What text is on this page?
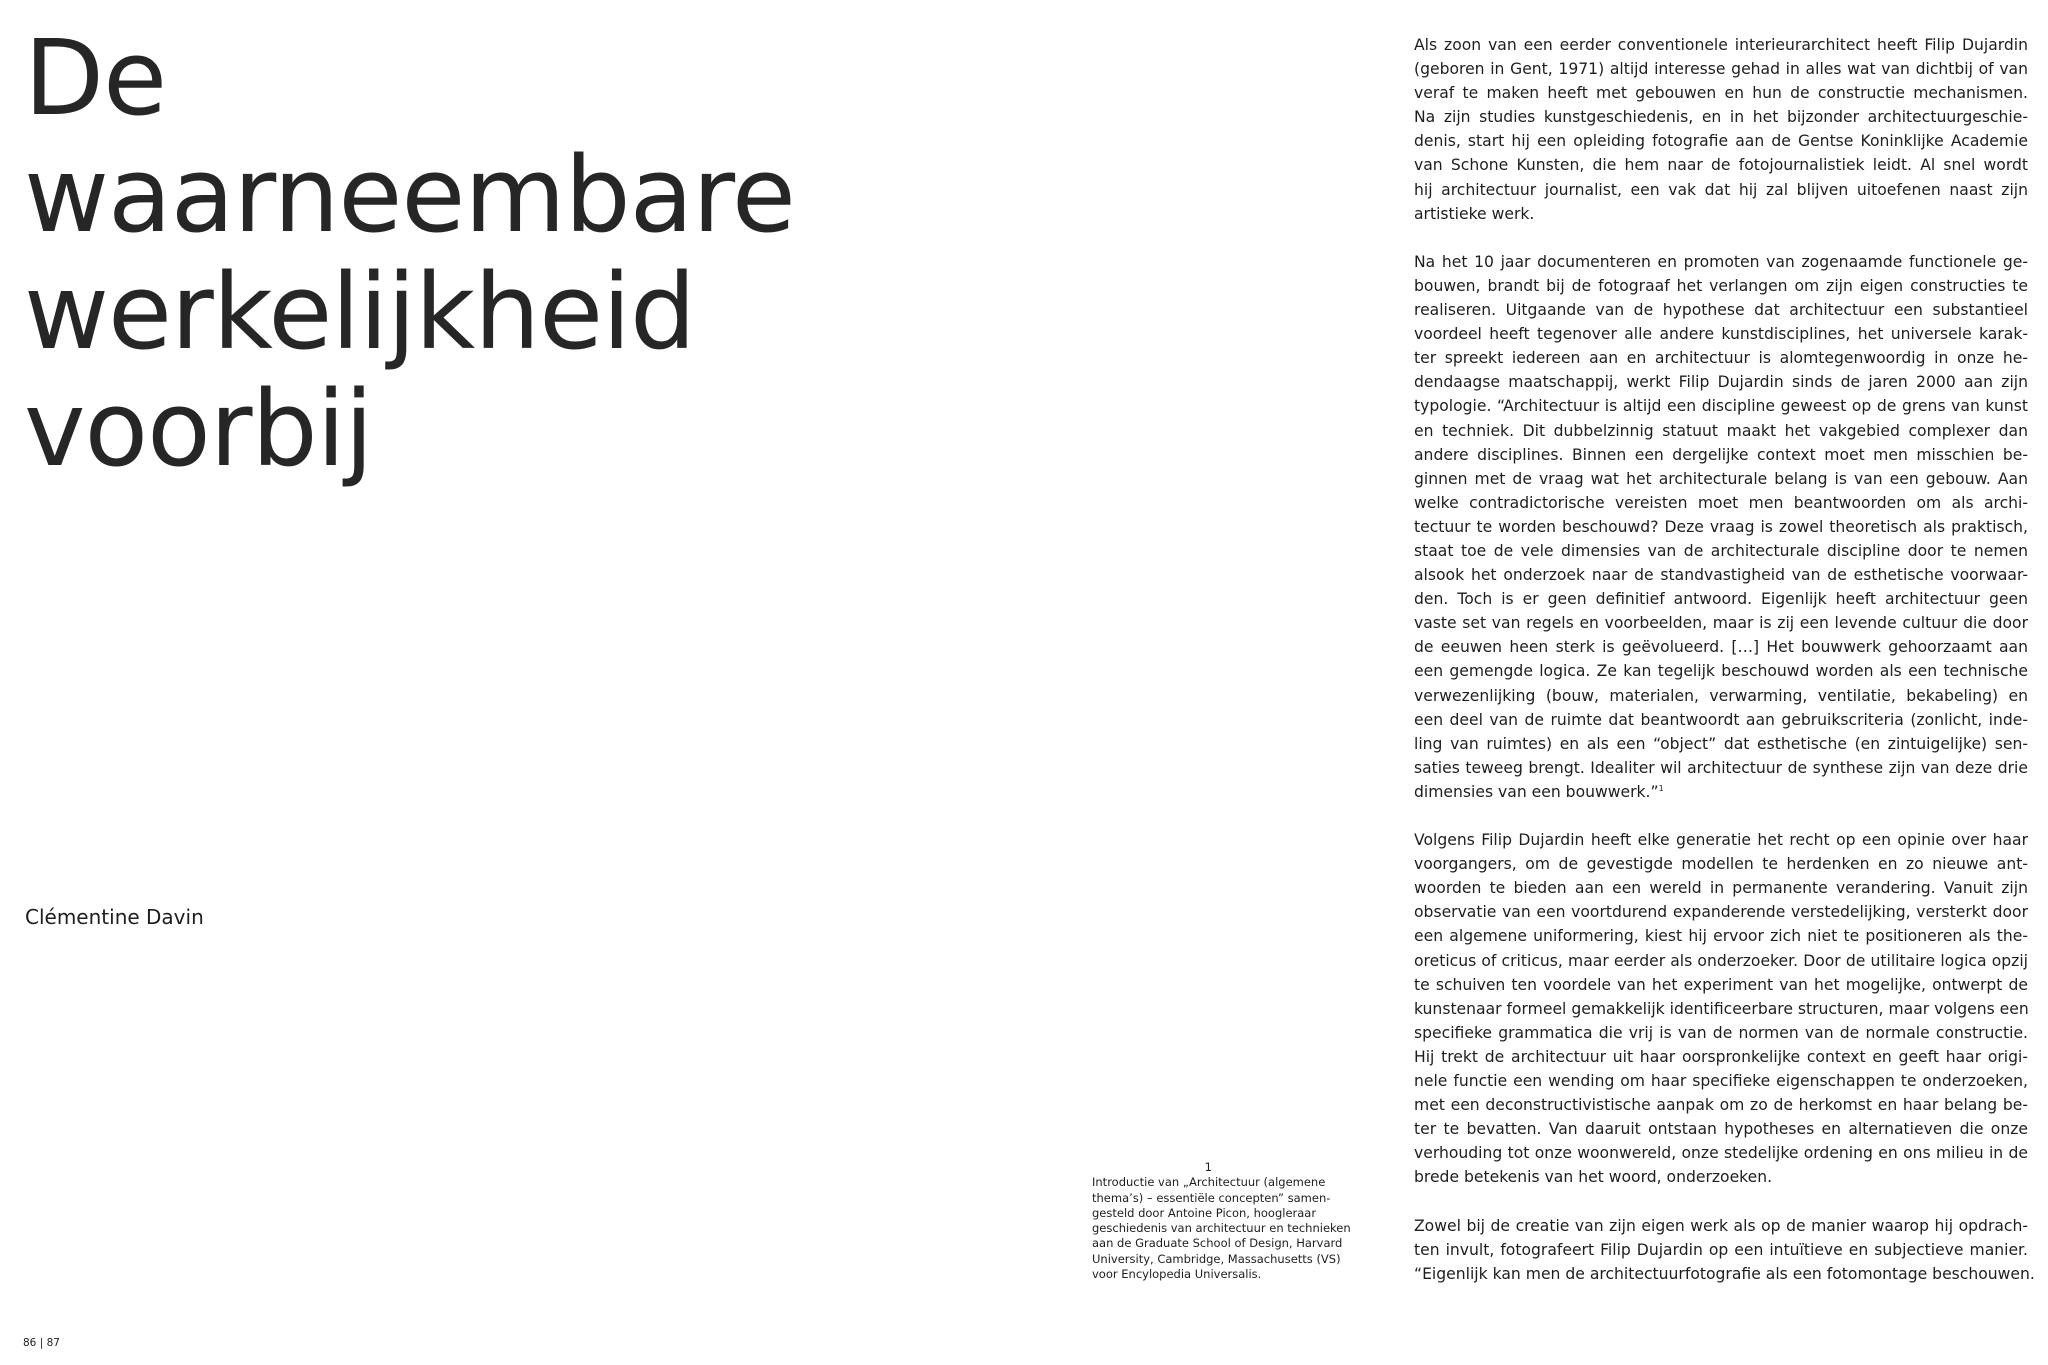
De
waarneembare
werkelijkheid
voorbij

Clémentine Davin

1
Introductie van „Architectuur (algemene
thema’s) – essentiële concepten” samen-
gesteld door Antoine Picon, hoogleraar
geschiedenis van architectuur en technieken
aan de Graduate School of Design, Harvard
University, Cambridge, Massachusetts (VS)
voor Encylopedia Universalis.
86 | 87
Als zoon van een eerder conventionele interieurarchitect heeft Filip Dujardin
(geboren in Gent, 1971) altijd interesse gehad in alles wat van dichtbij of van
veraf te maken heeft met gebouwen en hun de constructie mechanismen.
Na zijn studies kunstgeschiedenis, en in het bijzonder architectuurgeschie-
denis, start hij een opleiding fotografie aan de Gentse Koninklijke Academie
van Schone Kunsten, die hem naar de fotojournalistiek leidt. Al snel wordt
hij architectuur journalist, een vak dat hij zal blijven uitoefenen naast zijn
artistieke werk.
Na het 10 jaar documenteren en promoten van zogenaamde functionele ge-
bouwen, brandt bij de fotograaf het verlangen om zijn eigen constructies te
realiseren. Uitgaande van de hypothese dat architectuur een substantieel
voordeel heeft tegenover alle andere kunstdisciplines, het universele karak-
ter spreekt iedereen aan en architectuur is alomtegenwoordig in onze he-
dendaagse maatschappij, werkt Filip Dujardin sinds de jaren 2000 aan zijn
typologie. “Architectuur is altijd een discipline geweest op de grens van kunst
en techniek. Dit dubbelzinnig statuut maakt het vakgebied complexer dan
andere disciplines. Binnen een dergelijke context moet men misschien be-
ginnen met de vraag wat het architecturale belang is van een gebouw. Aan
welke contradictorische vereisten moet men beantwoorden om als archi-
tectuur te worden beschouwd? Deze vraag is zowel theoretisch als praktisch,
staat toe de vele dimensies van de architecturale discipline door te nemen
alsook het onderzoek naar de standvastigheid van de esthetische voorwaar-
den. Toch is er geen definitief antwoord. Eigenlijk heeft architectuur geen
vaste set van regels en voorbeelden, maar is zij een levende cultuur die door
de eeuwen heen sterk is geëvolueerd. […] Het bouwwerk gehoorzaamt aan
een gemengde logica. Ze kan tegelijk beschouwd worden als een technische
verwezenlijking (bouw, materialen, verwarming, ventilatie, bekabeling) en
een deel van de ruimte dat beantwoordt aan gebruikscriteria (zonlicht, inde-
ling van ruimtes) en als een “object” dat esthetische (en zintuigelijke) sen-
saties teweeg brengt. Idealiter wil architectuur de synthese zijn van deze drie
dimensies van een bouwwerk.”$^1$
Volgens Filip Dujardin heeft elke generatie het recht op een opinie over haar
voorgangers, om de gevestigde modellen te herdenken en zo nieuwe ant-
woorden te bieden aan een wereld in permanente verandering. Vanuit zijn
observatie van een voortdurend expanderende verstedelijking, versterkt door
een algemene uniformering, kiest hij ervoor zich niet te positioneren als the-
oreticus of criticus, maar eerder als onderzoeker. Door de utilitaire logica opzij
te schuiven ten voordele van het experiment van het mogelijke, ontwerpt de
kunstenaar formeel gemakkelijk identificeerbare structuren, maar volgens een
specifieke grammatica die vrij is van de normen van de normale constructie.
Hij trekt de architectuur uit haar oorspronkelijke context en geeft haar origi-
nele functie een wending om haar specifieke eigenschappen te onderzoeken,
met een deconstructivistische aanpak om zo de herkomst en haar belang be-
ter te bevatten. Van daaruit ontstaan hypotheses en alternatieven die onze
verhouding tot onze woonwereld, onze stedelijke ordening en ons milieu in de
brede betekenis van het woord, onderzoeken.
Zowel bij de creatie van zijn eigen werk als op de manier waarop hij opdrach-
ten invult, fotografeert Filip Dujardin op een intuïtieve en subjectieve manier.
“Eigenlijk kan men de architectuurfotografie als een fotomontage beschouwen.
